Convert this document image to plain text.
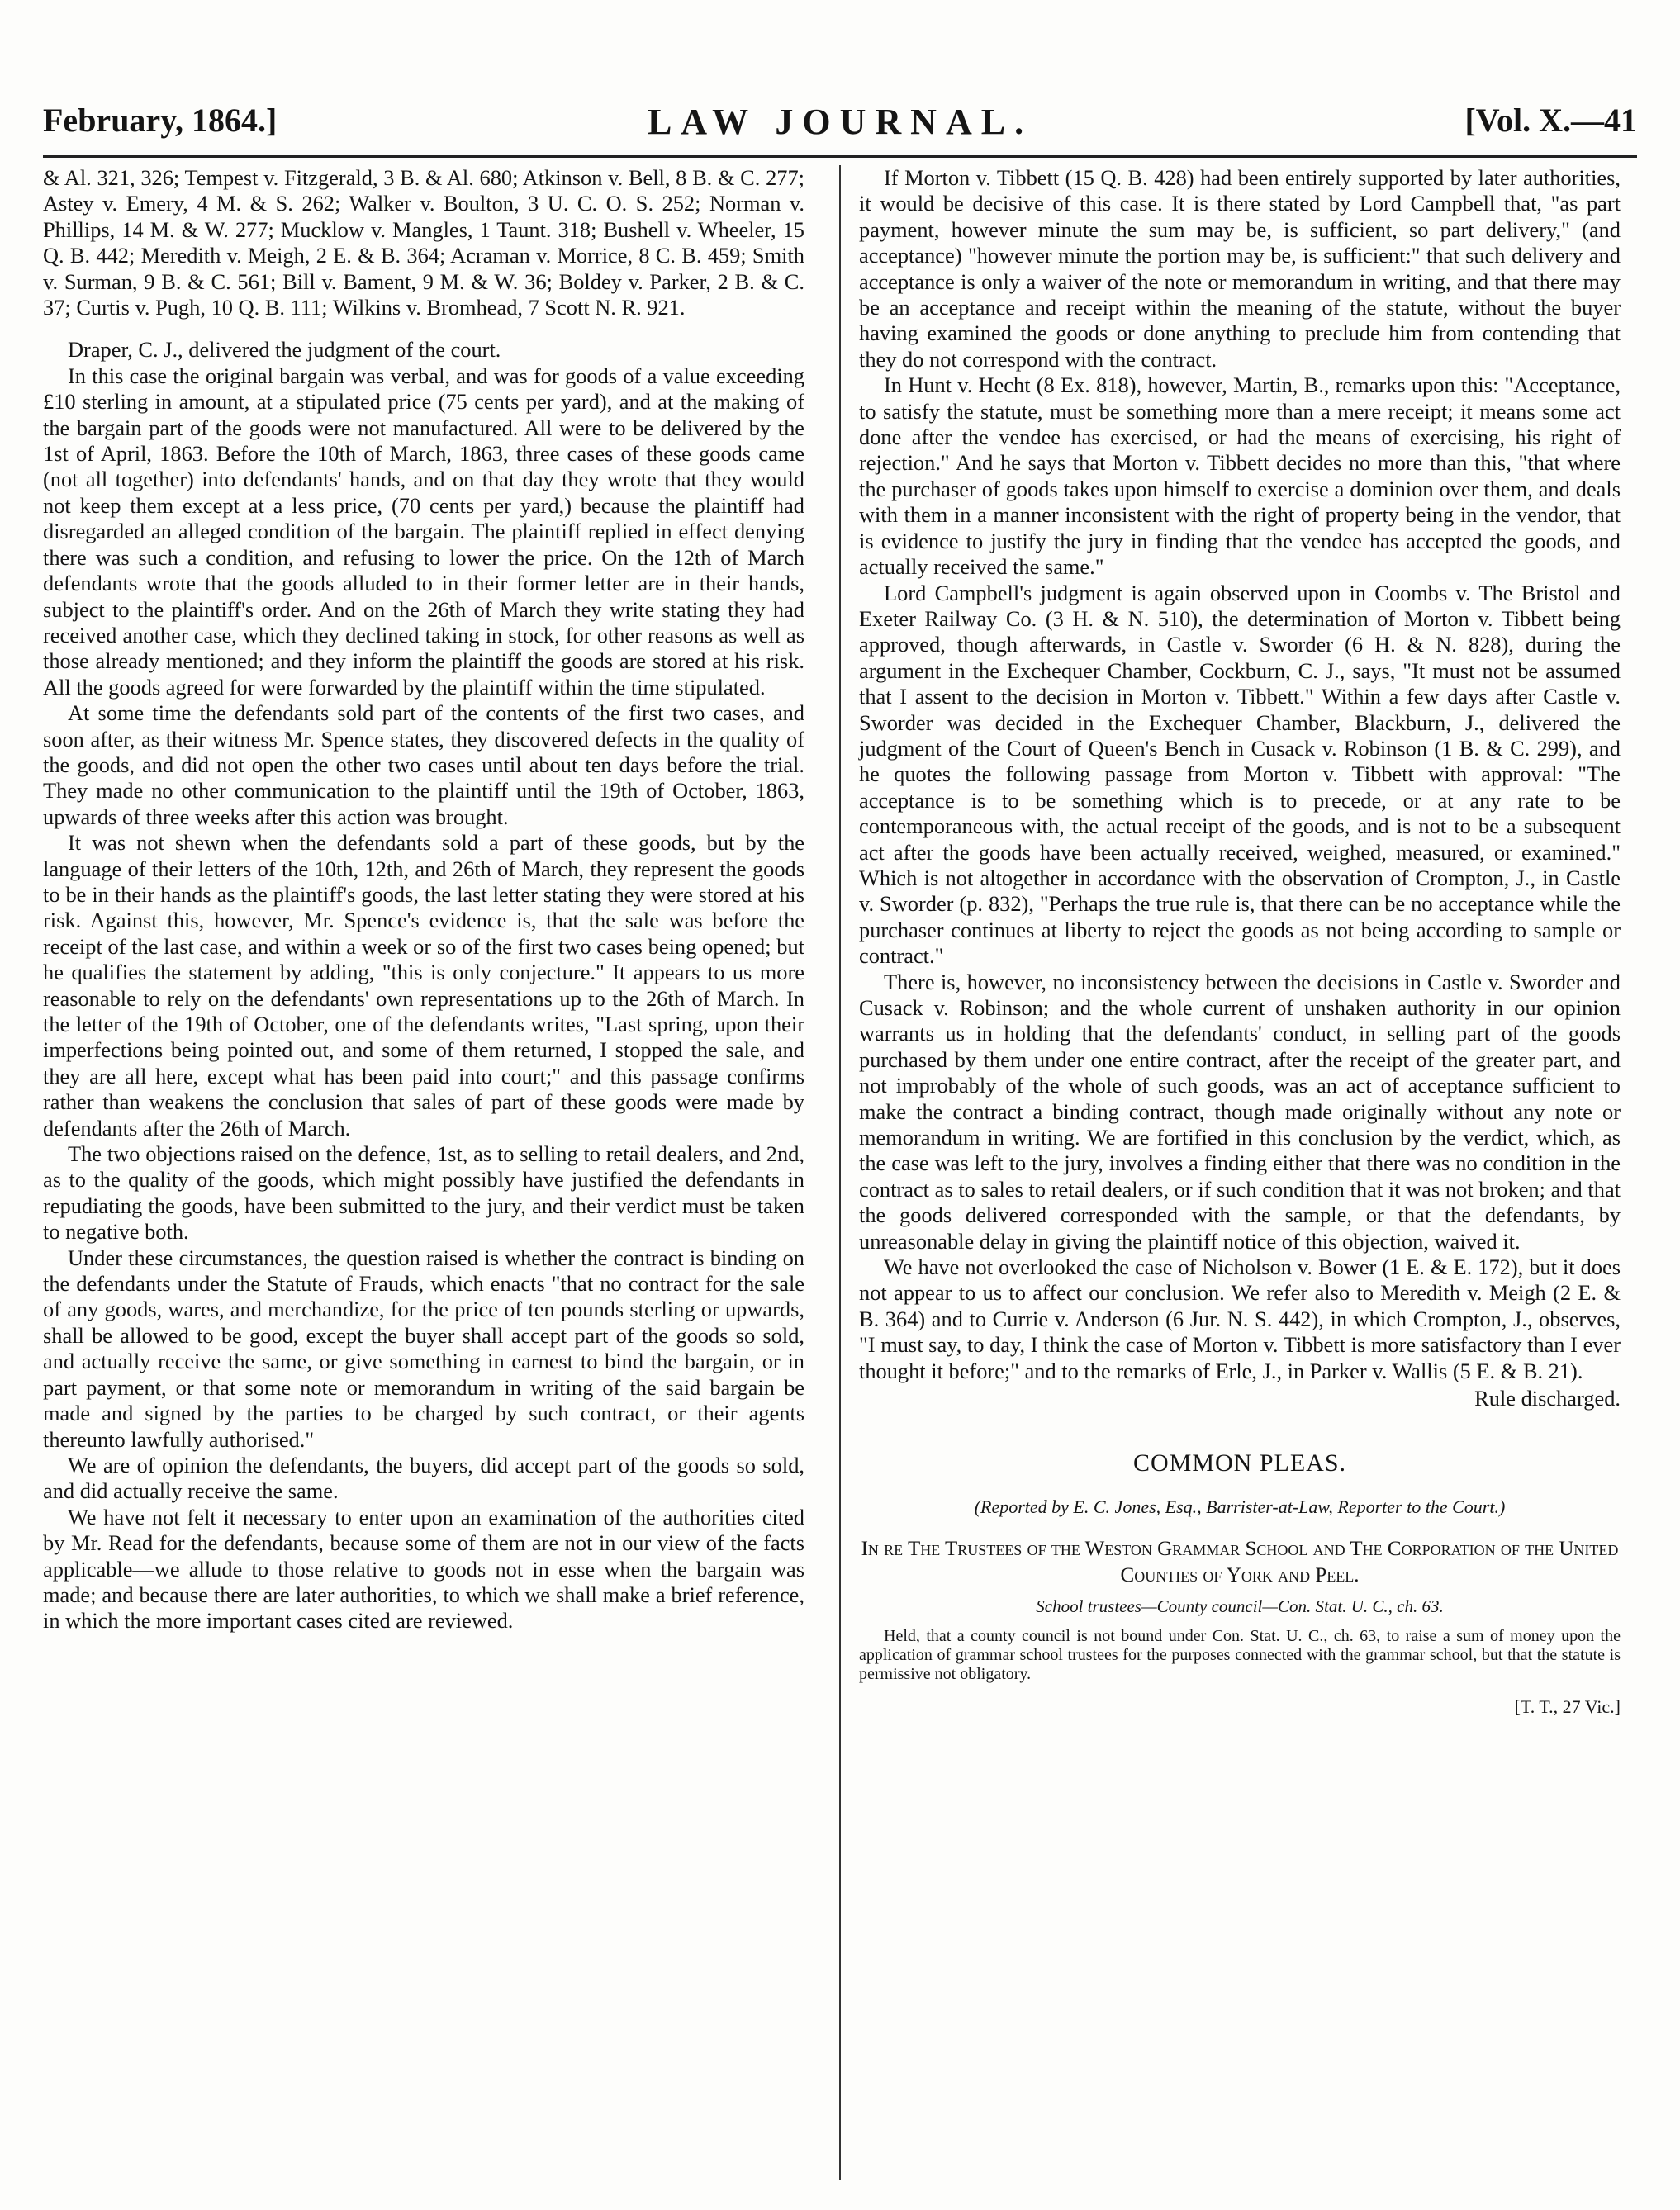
February, 1864.]	LAW JOURNAL.	[Vol. X.—41

& Al. 321, 326; Tempest v. Fitzgerald, 3 B. & Al. 680; Atkinson v. Bell, 8 B. & C. 277; Astey v. Emery, 4 M. & S. 262; Walker v. Boulton, 3 U. C. O. S. 252; Norman v. Phillips, 14 M. & W. 277; Mucklow v. Mangles, 1 Taunt. 318; Bushell v. Wheeler, 15 Q. B. 442; Meredith v. Meigh, 2 E. & B. 364; Acraman v. Morrice, 8 C. B. 459; Smith v. Surman, 9 B. & C. 561; Bill v. Bament, 9 M. & W. 36; Boldey v. Parker, 2 B. & C. 37; Curtis v. Pugh, 10 Q. B. 111; Wilkins v. Bromhead, 7 Scott N. R. 921.

Draper, C. J., delivered the judgment of the court.

In this case the original bargain was verbal, and was for goods of a value exceeding £10 sterling in amount, at a stipulated price (75 cents per yard), and at the making of the bargain part of the goods were not manufactured. All were to be delivered by the 1st of April, 1863. Before the 10th of March, 1863, three cases of these goods came (not all together) into defendants' hands, and on that day they wrote that they would not keep them except at a less price, (70 cents per yard,) because the plaintiff had disregarded an alleged condition of the bargain. The plaintiff replied in effect denying there was such a condition, and refusing to lower the price. On the 12th of March defendants wrote that the goods alluded to in their former letter are in their hands, subject to the plaintiff's order. And on the 26th of March they write stating they had received another case, which they declined taking in stock, for other reasons as well as those already mentioned; and they inform the plaintiff the goods are stored at his risk. All the goods agreed for were forwarded by the plaintiff within the time stipulated.

At some time the defendants sold part of the contents of the first two cases, and soon after, as their witness Mr. Spence states, they discovered defects in the quality of the goods, and did not open the other two cases until about ten days before the trial. They made no other communication to the plaintiff until the 19th of October, 1863, upwards of three weeks after this action was brought.

It was not shewn when the defendants sold a part of these goods, but by the language of their letters of the 10th, 12th, and 26th of March, they represent the goods to be in their hands as the plaintiff's goods, the last letter stating they were stored at his risk. Against this, however, Mr. Spence's evidence is, that the sale was before the receipt of the last case, and within a week or so of the first two cases being opened; but he qualifies the statement by adding, "this is only conjecture." It appears to us more reasonable to rely on the defendants' own representations up to the 26th of March. In the letter of the 19th of October, one of the defendants writes, "Last spring, upon their imperfections being pointed out, and some of them returned, I stopped the sale, and they are all here, except what has been paid into court;" and this passage confirms rather than weakens the conclusion that sales of part of these goods were made by defendants after the 26th of March.

The two objections raised on the defence, 1st, as to selling to retail dealers, and 2nd, as to the quality of the goods, which might possibly have justified the defendants in repudiating the goods, have been submitted to the jury, and their verdict must be taken to negative both.

Under these circumstances, the question raised is whether the contract is binding on the defendants under the Statute of Frauds, which enacts "that no contract for the sale of any goods, wares, and merchandize, for the price of ten pounds sterling or upwards, shall be allowed to be good, except the buyer shall accept part of the goods so sold, and actually receive the same, or give something in earnest to bind the bargain, or in part payment, or that some note or memorandum in writing of the said bargain be made and signed by the parties to be charged by such contract, or their agents thereunto lawfully authorised."

We are of opinion the defendants, the buyers, did accept part of the goods so sold, and did actually receive the same.

We have not felt it necessary to enter upon an examination of the authorities cited by Mr. Read for the defendants, because some of them are not in our view of the facts applicable—we allude to those relative to goods not in esse when the bargain was made; and because there are later authorities, to which we shall make a brief reference, in which the more important cases cited are reviewed.

If Morton v. Tibbett (15 Q. B. 428) had been entirely supported by later authorities, it would be decisive of this case. It is there stated by Lord Campbell that, "as part payment, however minute the sum may be, is sufficient, so part delivery," (and acceptance) "however minute the portion may be, is sufficient:" that such delivery and acceptance is only a waiver of the note or memorandum in writing, and that there may be an acceptance and receipt within the meaning of the statute, without the buyer having examined the goods or done anything to preclude him from contending that they do not correspond with the contract.

In Hunt v. Hecht (8 Ex. 818), however, Martin, B., remarks upon this: "Acceptance, to satisfy the statute, must be something more than a mere receipt; it means some act done after the vendee has exercised, or had the means of exercising, his right of rejection." And he says that Morton v. Tibbett decides no more than this, "that where the purchaser of goods takes upon himself to exercise a dominion over them, and deals with them in a manner inconsistent with the right of property being in the vendor, that is evidence to justify the jury in finding that the vendee has accepted the goods, and actually received the same."

Lord Campbell's judgment is again observed upon in Coombs v. The Bristol and Exeter Railway Co. (3 H. & N. 510), the determination of Morton v. Tibbett being approved, though afterwards, in Castle v. Sworder (6 H. & N. 828), during the argument in the Exchequer Chamber, Cockburn, C. J., says, "It must not be assumed that I assent to the decision in Morton v. Tibbett." Within a few days after Castle v. Sworder was decided in the Exchequer Chamber, Blackburn, J., delivered the judgment of the Court of Queen's Bench in Cusack v. Robinson (1 B. & C. 299), and he quotes the following passage from Morton v. Tibbett with approval: "The acceptance is to be something which is to precede, or at any rate to be contemporaneous with, the actual receipt of the goods, and is not to be a subsequent act after the goods have been actually received, weighed, measured, or examined." Which is not altogether in accordance with the observation of Crompton, J., in Castle v. Sworder (p. 832), "Perhaps the true rule is, that there can be no acceptance while the purchaser continues at liberty to reject the goods as not being according to sample or contract."

There is, however, no inconsistency between the decisions in Castle v. Sworder and Cusack v. Robinson; and the whole current of unshaken authority in our opinion warrants us in holding that the defendants' conduct, in selling part of the goods purchased by them under one entire contract, after the receipt of the greater part, and not improbably of the whole of such goods, was an act of acceptance sufficient to make the contract a binding contract, though made originally without any note or memorandum in writing. We are fortified in this conclusion by the verdict, which, as the case was left to the jury, involves a finding either that there was no condition in the contract as to sales to retail dealers, or if such condition that it was not broken; and that the goods delivered corresponded with the sample, or that the defendants, by unreasonable delay in giving the plaintiff notice of this objection, waived it.

We have not overlooked the case of Nicholson v. Bower (1 E. & E. 172), but it does not appear to us to affect our conclusion. We refer also to Meredith v. Meigh (2 E. & B. 364) and to Currie v. Anderson (6 Jur. N. S. 442), in which Crompton, J., observes, "I must say, to day, I think the case of Morton v. Tibbett is more satisfactory than I ever thought it before;" and to the remarks of Erle, J., in Parker v. Wallis (5 E. & B. 21).

Rule discharged.
COMMON PLEAS.
(Reported by E. C. Jones, Esq., Barrister-at-Law, Reporter to the Court.)
In re The Trustees of the Weston Grammar School and The Corporation of the United Counties of York and Peel.
School trustees—County council—Con. Stat. U. C., ch. 63.
Held, that a county council is not bound under Con. Stat. U. C., ch. 63, to raise a sum of money upon the application of grammar school trustees for the purposes connected with the grammar school, but that the statute is permissive not obligatory.
[T. T., 27 Vic.]
